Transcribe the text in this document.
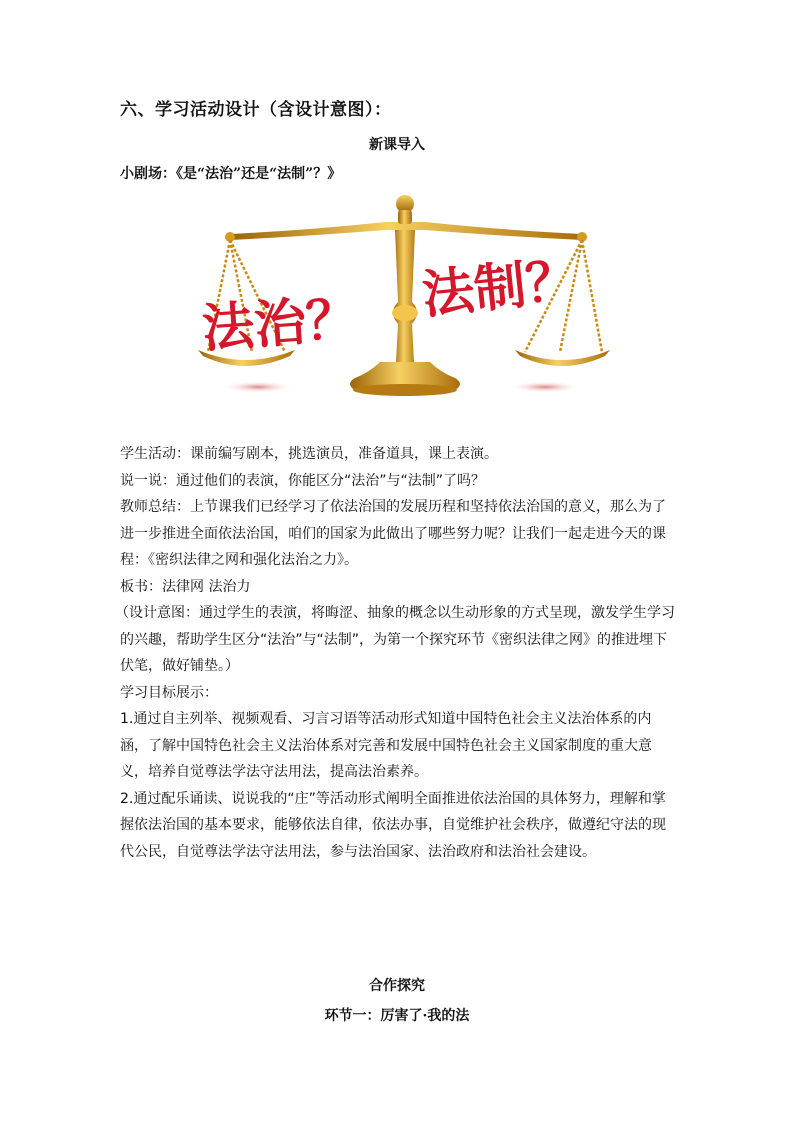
六、学习活动设计（含设计意图）：
新课导入
小剧场：《是“法治”还是“法制”？》
法治？ 法制？

学生活动：课前编写剧本，挑选演员，准备道具，课上表演。

说一说：通过他们的表演，你能区分“法治”与“法制”了吗？

教师总结：上节课我们已经学习了依法治国的发展历程和坚持依法治国的意义，那么为了进一步推进全面依法治国，咱们的国家为此做出了哪些努力呢？让我们一起走进今天的课程：《密织法律之网和强化法治之力》。

板书：法律网 法治力

（设计意图：通过学生的表演，将晦涩、抽象的概念以生动形象的方式呈现，激发学生学习的兴趣，帮助学生区分“法治”与“法制”，为第一个探究环节《密织法律之网》的推进埋下伏笔，做好铺垫。）

学习目标展示：

1.通过自主列举、视频观看、习言习语等活动形式知道中国特色社会主义法治体系的内涵，了解中国特色社会主义法治体系对完善和发展中国特色社会主义国家制度的重大意义，培养自觉尊法学法守法用法，提高法治素养。

2.通过配乐诵读、说说我的“庄”等活动形式阐明全面推进依法治国的具体努力，理解和掌握依法治国的基本要求，能够依法自律，依法办事，自觉维护社会秩序，做遵纪守法的现代公民，自觉尊法学法守法用法，参与法治国家、法治政府和法治社会建设。

合作探究
环节一：厉害了·我的法
